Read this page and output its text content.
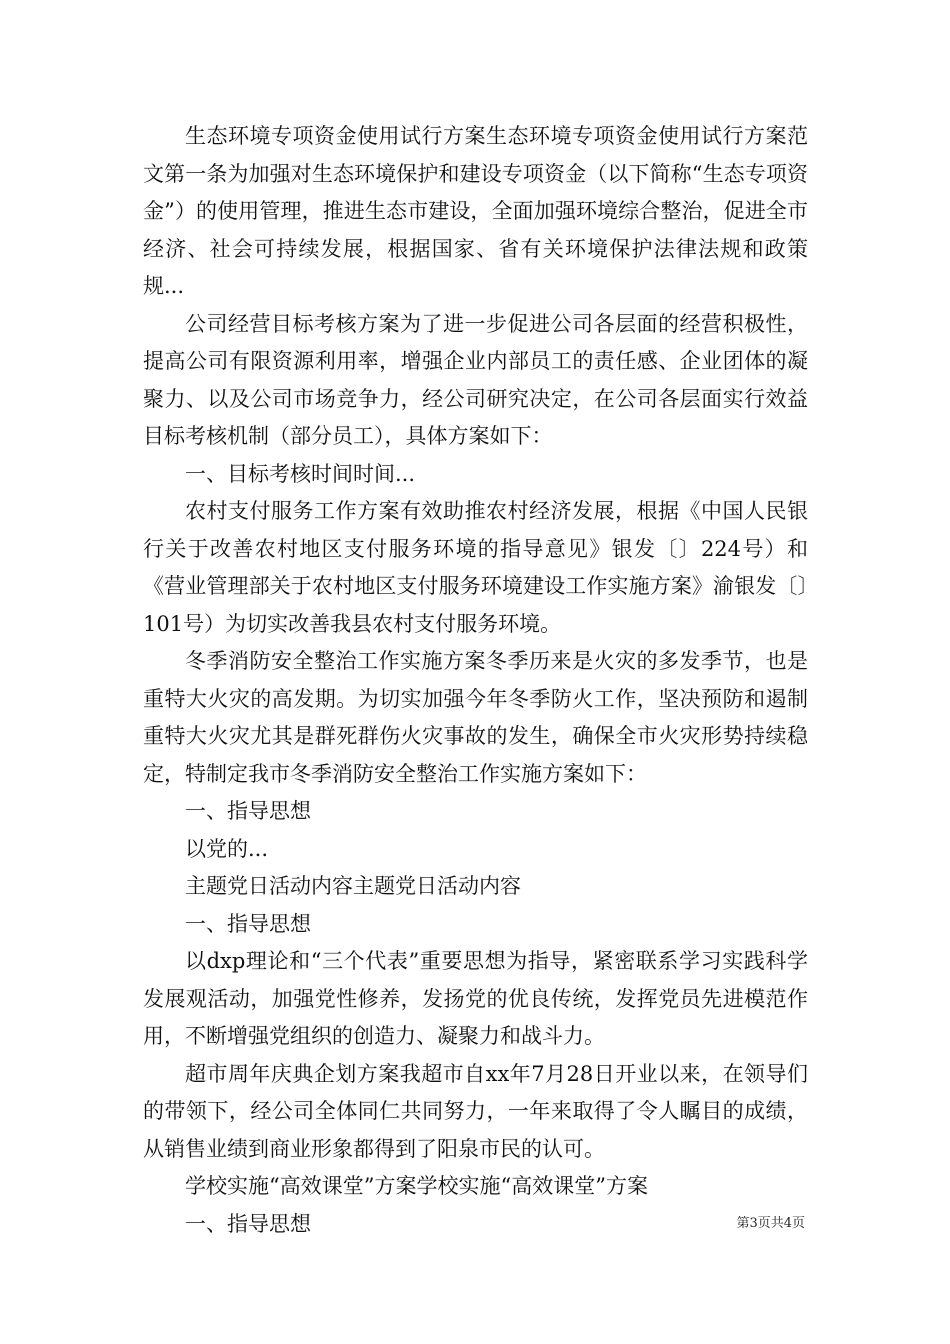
生态环境专项资金使用试行方案生态环境专项资金使用试行方案范文第一条为加强对生态环境保护和建设专项资金（以下简称“生态专项资金”）的使用管理，推进生态市建设，全面加强环境综合整治，促进全市经济、社会可持续发展，根据国家、省有关环境保护法律法规和政策规...

公司经营目标考核方案为了进一步促进公司各层面的经营积极性，提高公司有限资源利用率，增强企业内部员工的责任感、企业团体的凝聚力、以及公司市场竞争力，经公司研究决定，在公司各层面实行效益目标考核机制（部分员工），具体方案如下：

一、目标考核时间时间...

农村支付服务工作方案有效助推农村经济发展，根据《中国人民银行关于改善农村地区支付服务环境的指导意见》银发〔〕224号）和《营业管理部关于农村地区支付服务环境建设工作实施方案》渝银发〔〕101号）为切实改善我县农村支付服务环境。

冬季消防安全整治工作实施方案冬季历来是火灾的多发季节，也是重特大火灾的高发期。为切实加强今年冬季防火工作，坚决预防和遏制重特大火灾尤其是群死群伤火灾事故的发生，确保全市火灾形势持续稳定，特制定我市冬季消防安全整治工作实施方案如下：

一、指导思想

以党的...

主题党日活动内容主题党日活动内容

一、指导思想

以dxp理论和“三个代表”重要思想为指导，紧密联系学习实践科学发展观活动，加强党性修养，发扬党的优良传统，发挥党员先进模范作用，不断增强党组织的创造力、凝聚力和战斗力。

超市周年庆典企划方案我超市自xx年7月28日开业以来，在领导们的带领下，经公司全体同仁共同努力，一年来取得了令人瞩目的成绩，从销售业绩到商业形象都得到了阳泉市民的认可。

学校实施“高效课堂”方案学校实施“高效课堂”方案

一、指导思想	第3页共4页
